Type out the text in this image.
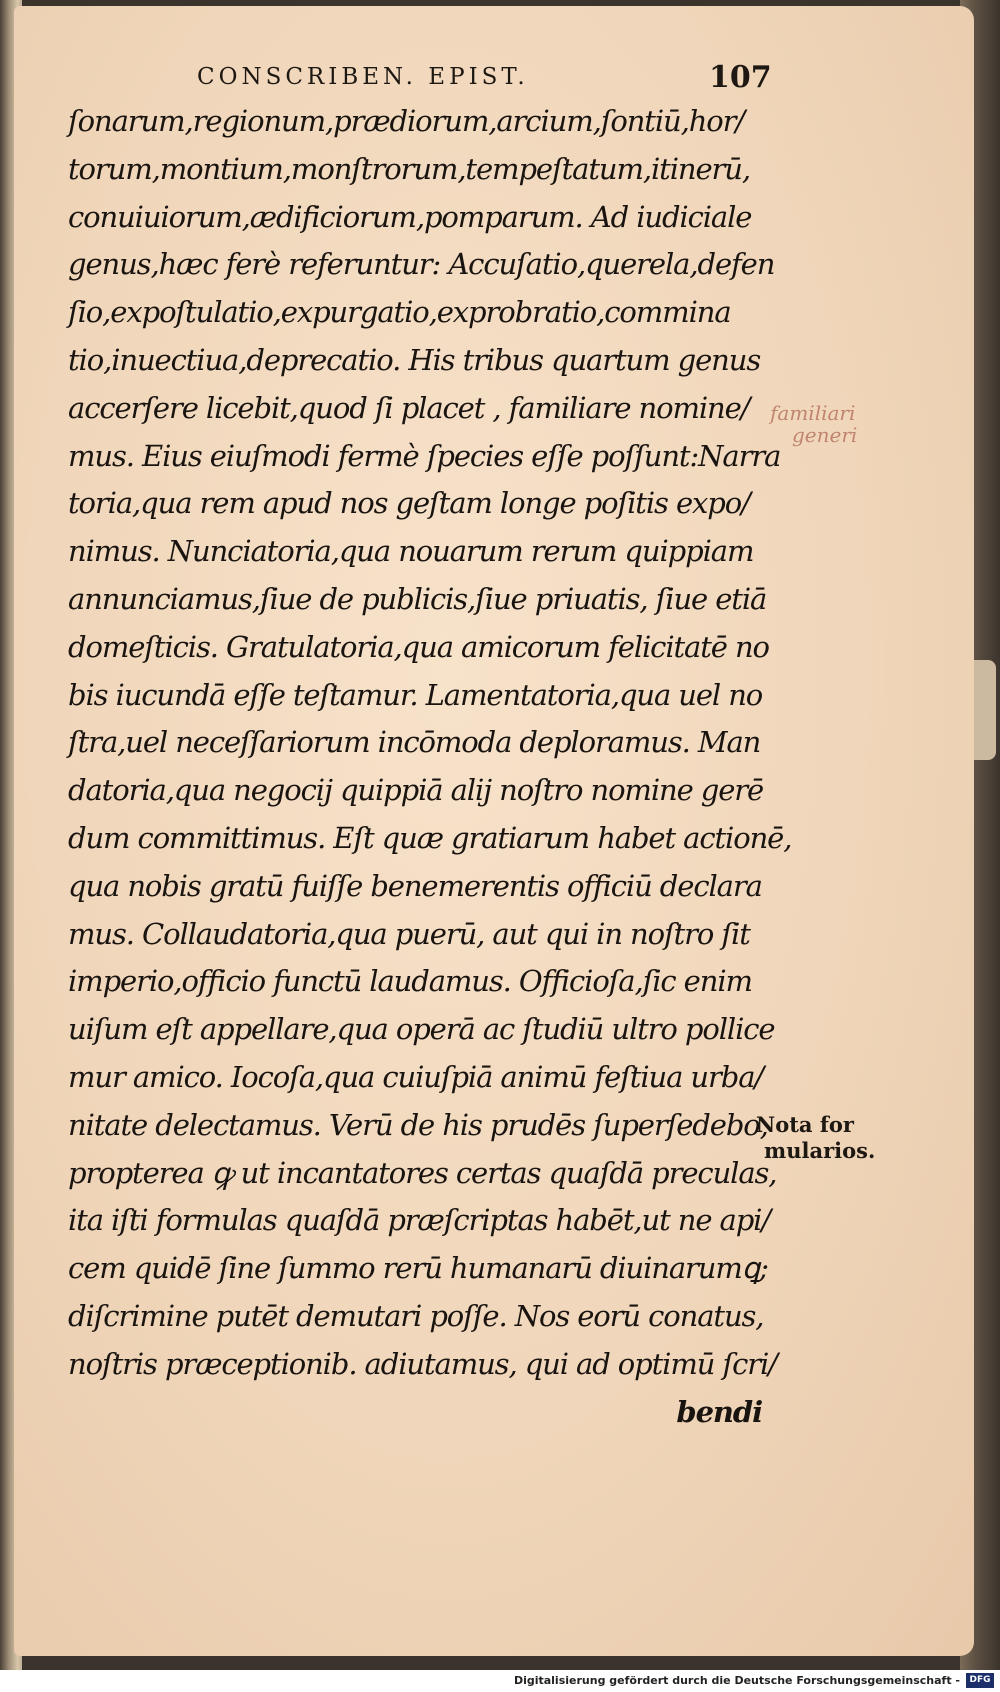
CONSCRIBEN. EPIST.	107
ſonarum,regionum,prædiorum,arcium,ſontiū,hor/
torum,montium,monſtrorum,tempeſtatum,itinerū,
conuiuiorum,ædificiorum,pomparum. Ad iudiciale
genus,hæc ferè referuntur: Accuſatio,querela,defen
ſio,expoſtulatio,expurgatio,exprobratio,commina
tio,inuectiua,deprecatio. His tribus quartum genus
accerſere licebit,quod ſi placet , familiare nomine/
mus. Eius eiuſmodi fermè ſpecies eſſe poſſunt:Narra
toria,qua rem apud nos geſtam longe poſitis expo/
nimus. Nunciatoria,qua nouarum rerum quippiam
annunciamus,ſiue de publicis,ſiue priuatis, ſiue etiā
domeſticis. Gratulatoria,qua amicorum felicitatē no
bis iucundā eſſe teſtamur. Lamentatoria,qua uel no
ſtra,uel neceſſariorum incōmoda deploramus. Man
datoria,qua negocij quippiā alij noſtro nomine gerē
dum committimus. Eſt quæ gratiarum habet actionē,
qua nobis gratū fuiſſe benemerentis officiū declara
mus. Collaudatoria,qua puerū, aut qui in noſtro ſit
imperio,officio functū laudamus. Officioſa,ſic enim
uiſum eſt appellare,qua operā ac ſtudiū ultro pollice
mur amico. Iocoſa,qua cuiuſpiā animū feſtiua urba/
nitate delectamus. Verū de his prudēs ſuperſedebo,
propterea ꝙ ut incantatores certas quaſdā preculas,
ita iſti formulas quaſdā præſcriptas habēt,ut ne api/
cem quidē ſine ſummo rerū humanarū diuinarumꝗ;
diſcrimine putēt demutari poſſe. Nos eorū conatus,
noſtris præceptionib. adiutamus, qui ad optimū ſcri/
bendi
familiari
generi
Nota for
mularios.
Digitalisierung gefördert durch die Deutsche Forschungsgemeinschaft -	DFG
